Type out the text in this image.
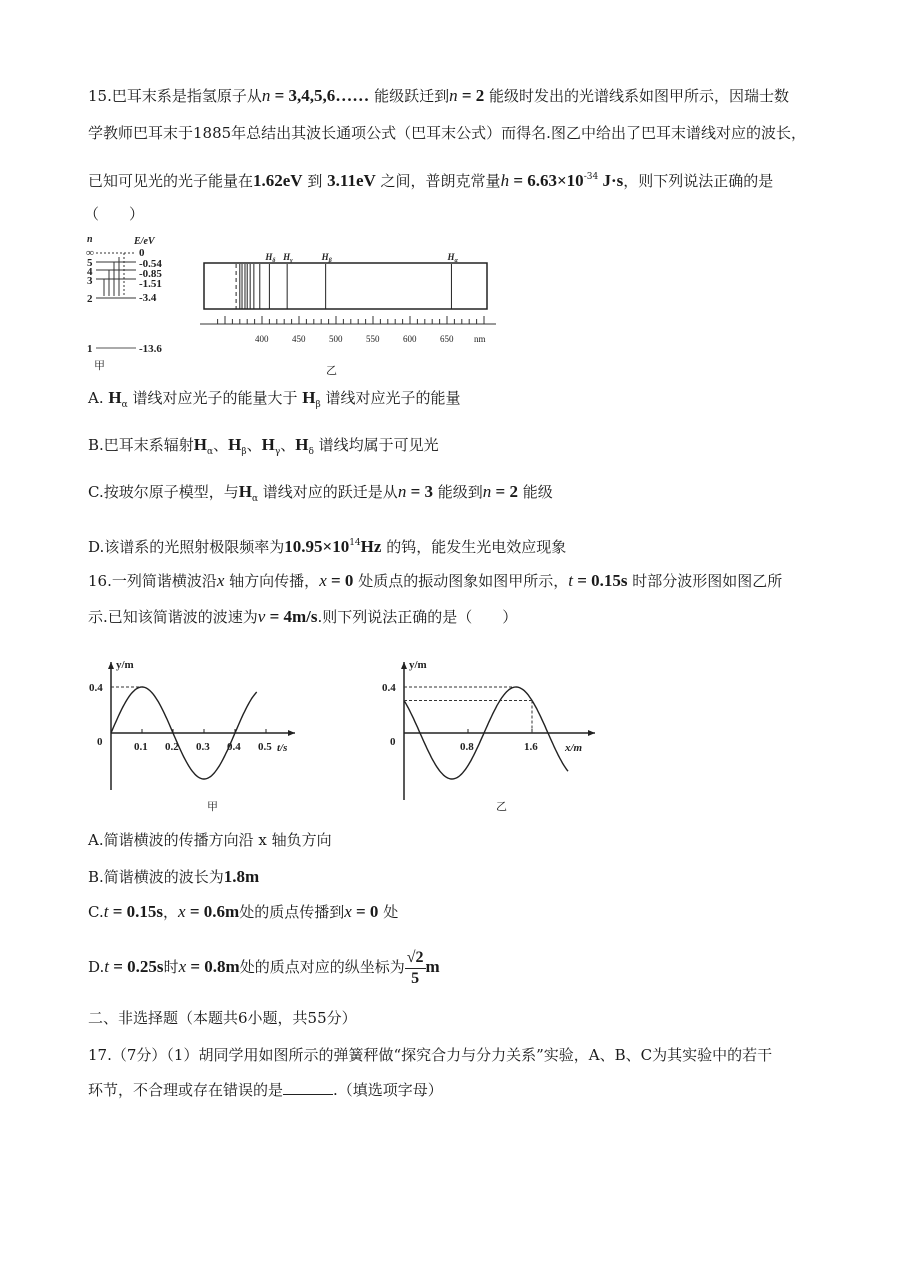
15.巴耳末系是指氢原子从n = 3,4,5,6…… 能级跃迁到n = 2 能级时发出的光谱线系如图甲所示，因瑞士数
学教师巴耳末于1885年总结出其波长通项公式（巴耳末公式）而得名.图乙中给出了巴耳末谱线对应的波长，
已知可见光的光子能量在1.62eV 到 3.11eV 之间，普朗克常量$h = 6.63\times 10^{-34}$ J·s，则下列说法正确的是
（　　）
n	E/eV
∞	0
5	-0.54
4	-0.85
3	-1.51
2	-3.4
1	-13.6
甲
400	450	500	550	600	650
$H_\delta$ $H_\gamma$	$H_\beta$	$H_\alpha$
nm
乙
A. $H_\alpha$ 谱线对应光子的能量大于 $H_\beta$ 谱线对应光子的能量
B.巴耳末系辐射$H_\alpha$、$H_\beta$、$H_\gamma$、$H_\delta$ 谱线均属于可见光
C.按玻尔原子模型，与$H_\alpha$ 谱线对应的跃迁是从n = 3 能级到n = 2 能级
D.该谱系的光照射极限频率为$10.95\times 10^{14}Hz$ 的钨，能发生光电效应现象
16.一列简谐横波沿x 轴方向传播，x = 0 处质点的振动图象如图甲所示，t = 0.15s 时部分波形图如图乙所
示.已知该简谐波的波速为v = 4m/s.则下列说法正确的是（　　）
y/m
t/s
0
0.4
0.1 0.2 0.3 0.4 0.5
甲
y/m
x/m
0
0.4
0.8	1.6
乙
A.简谐横波的传播方向沿 x 轴负方向
B.简谐横波的波长为1.8m
C.t = 0.15s，x = 0.6m处的质点传播到x = 0 处
D.t = 0.25s时x = 0.8m处的质点对应的纵坐标为 $\frac{√2}{5}$ m
二、非选择题（本题共6小题，共55分）
17.（7分）（1）胡同学用如图所示的弹簧秤做“探究合力与分力关系”实验，A、B、C为其实验中的若干
环节，不合理或存在错误的是	.（填选项字母）
